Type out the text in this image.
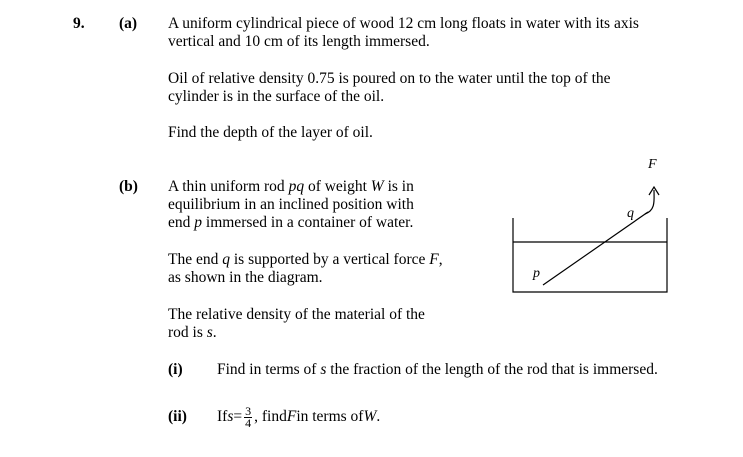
9. (a) A uniform cylindrical piece of wood 12 cm long floats in water with its axis
vertical and 10 cm of its length immersed.
Oil of relative density 0.75 is poured on to the water until the top of the
cylinder is in the surface of the oil.
Find the depth of the layer of oil.
(b) A thin uniform rod pq of weight W is in
equilibrium in an inclined position with
end p immersed in a container of water.
The end q is supported by a vertical force F,
as shown in the diagram.
The relative density of the material of the
rod is s.
(i) Find in terms of s the fraction of the length of the rod that is immersed.
(ii) If $s = \frac{3}{4}$ , find F in terms of W .
F
q
p
